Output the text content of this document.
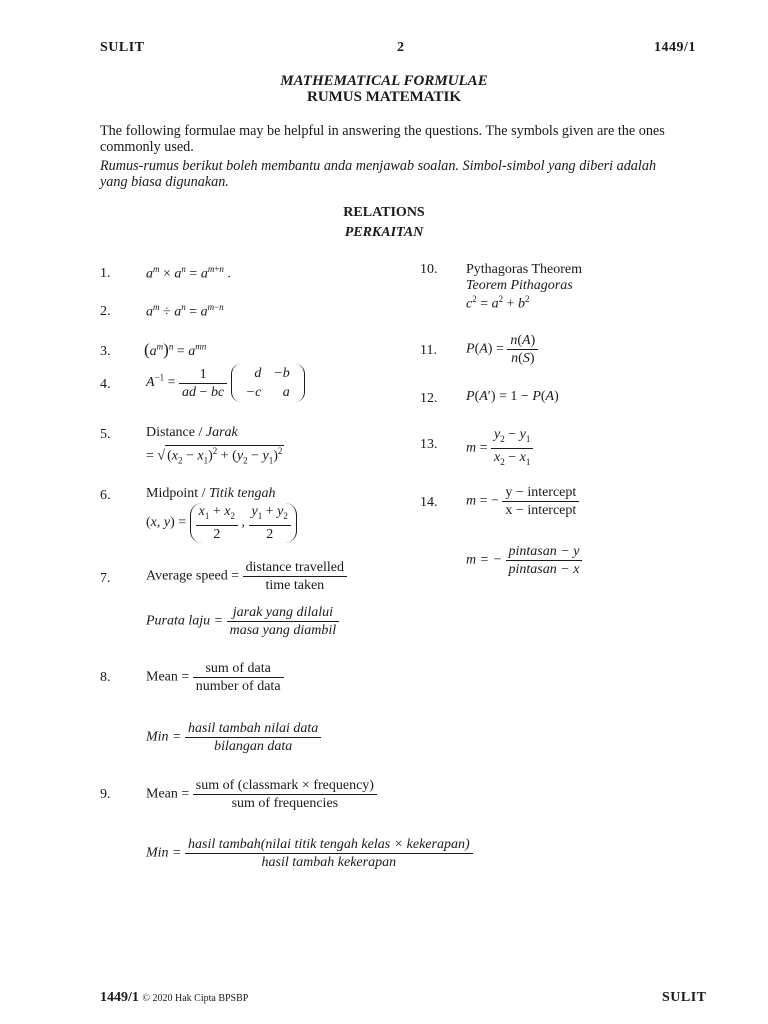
SULIT	2	1449/1
MATHEMATICAL FORMULAE
RUMUS MATEMATIK
The following formulae may be helpful in answering the questions. The symbols given are the ones commonly used.
Rumus-rumus berikut boleh membantu anda menjawab soalan. Simbol-simbol yang diberi adalah yang biasa digunakan.
RELATIONS
PERKAITAN
1.	$a^m \times a^n = a^{m+n}$ .
2.	$a^m \div a^n = a^{m-n}$
3. $(a^m)^n = a^{mn}$
4.	$A^{-1} = \frac{1}{ad - bc}$
d	−b
−c	a
5.	Distance / Jarak
= √ $(x_2 - x_1)^2 + (y_2 - y_1)^2$
6.	Midpoint / Titik tengah
(x, $y) = \frac{x_1 + x_2}{2}$ , $\frac{y_1 + y_2}{2}$
7.	Average speed = $\frac{\text{distance travelled}}{\text{time taken}}$
Purata laju = $\frac{\text{jarak yang dilalui}}{\text{masa yang diambil}}$
8.	Mean = $\frac{\text{sum of data}}{\text{number of data}}$
Min = $\frac{\text{hasil tambah nilai data}}{\text{bilangan data}}$
9.	Mean = $\frac{\text{sum of (classmark × frequency)}}{\text{sum of frequencies}}$
Min = $\frac{\text{hasil tambah(nilai titik tengah kelas × kekerapan)}}{\text{hasil tambah kekerapan}}$
10. Pythagoras Theorem
Teorem Pithagoras
$c^2 = a^2 + b^2$
11. $P(A) = \frac{n(A)}{n(S)}$
12. P(A′) = 1 − P(A)
13. $m = \frac{y_2 - y_1}{x_2 - x_1}$
14. m = − $\frac{\text{y − intercept}}{\text{x − intercept}}$
m = − $\frac{\text{pintasan − y}}{\text{pintasan − x}}$
1449/1 © 2020 Hak Cipta BPSBP	SULIT
